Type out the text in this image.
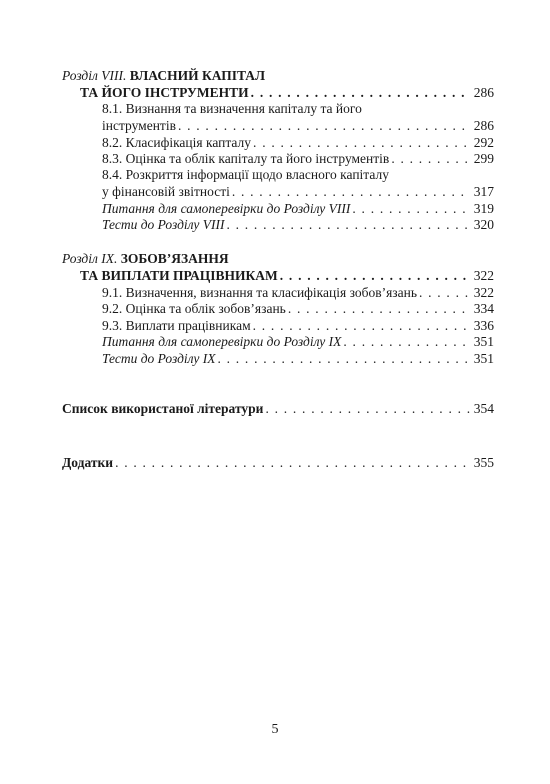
Розділ VIII. ВЛАСНИЙ КАПІТАЛ
ТА ЙОГО ІНСТРУМЕНТИ . . .	286
8.1. Визнання та визначення капіталу та його
інструментів . . .	286
8.2. Класифікація капталу . . .	292
8.3. Оцінка та облік капіталу та його інструментів . . .	299
8.4. Розкриття інформації щодо власного капіталу
у фінансовій звітності . . .	317
Питання для самоперевірки до Розділу VIII . . .	319
Тести до Розділу VIII . . .	320
Розділ IX. ЗОБОВ’ЯЗАННЯ
ТА ВИПЛАТИ ПРАЦІВНИКАМ . . .	322
9.1. Визначення, визнання та класифікація зобов’язань . . .	322
9.2. Оцінка та облік зобов’язань . . .	334
9.3. Виплати працівникам . . .	336
Питання для самоперевірки до Розділу IX . . .	351
Тести до Розділу IX . . .	351
Список використаної літератури . . .	354
Додатки . . .	355
5
